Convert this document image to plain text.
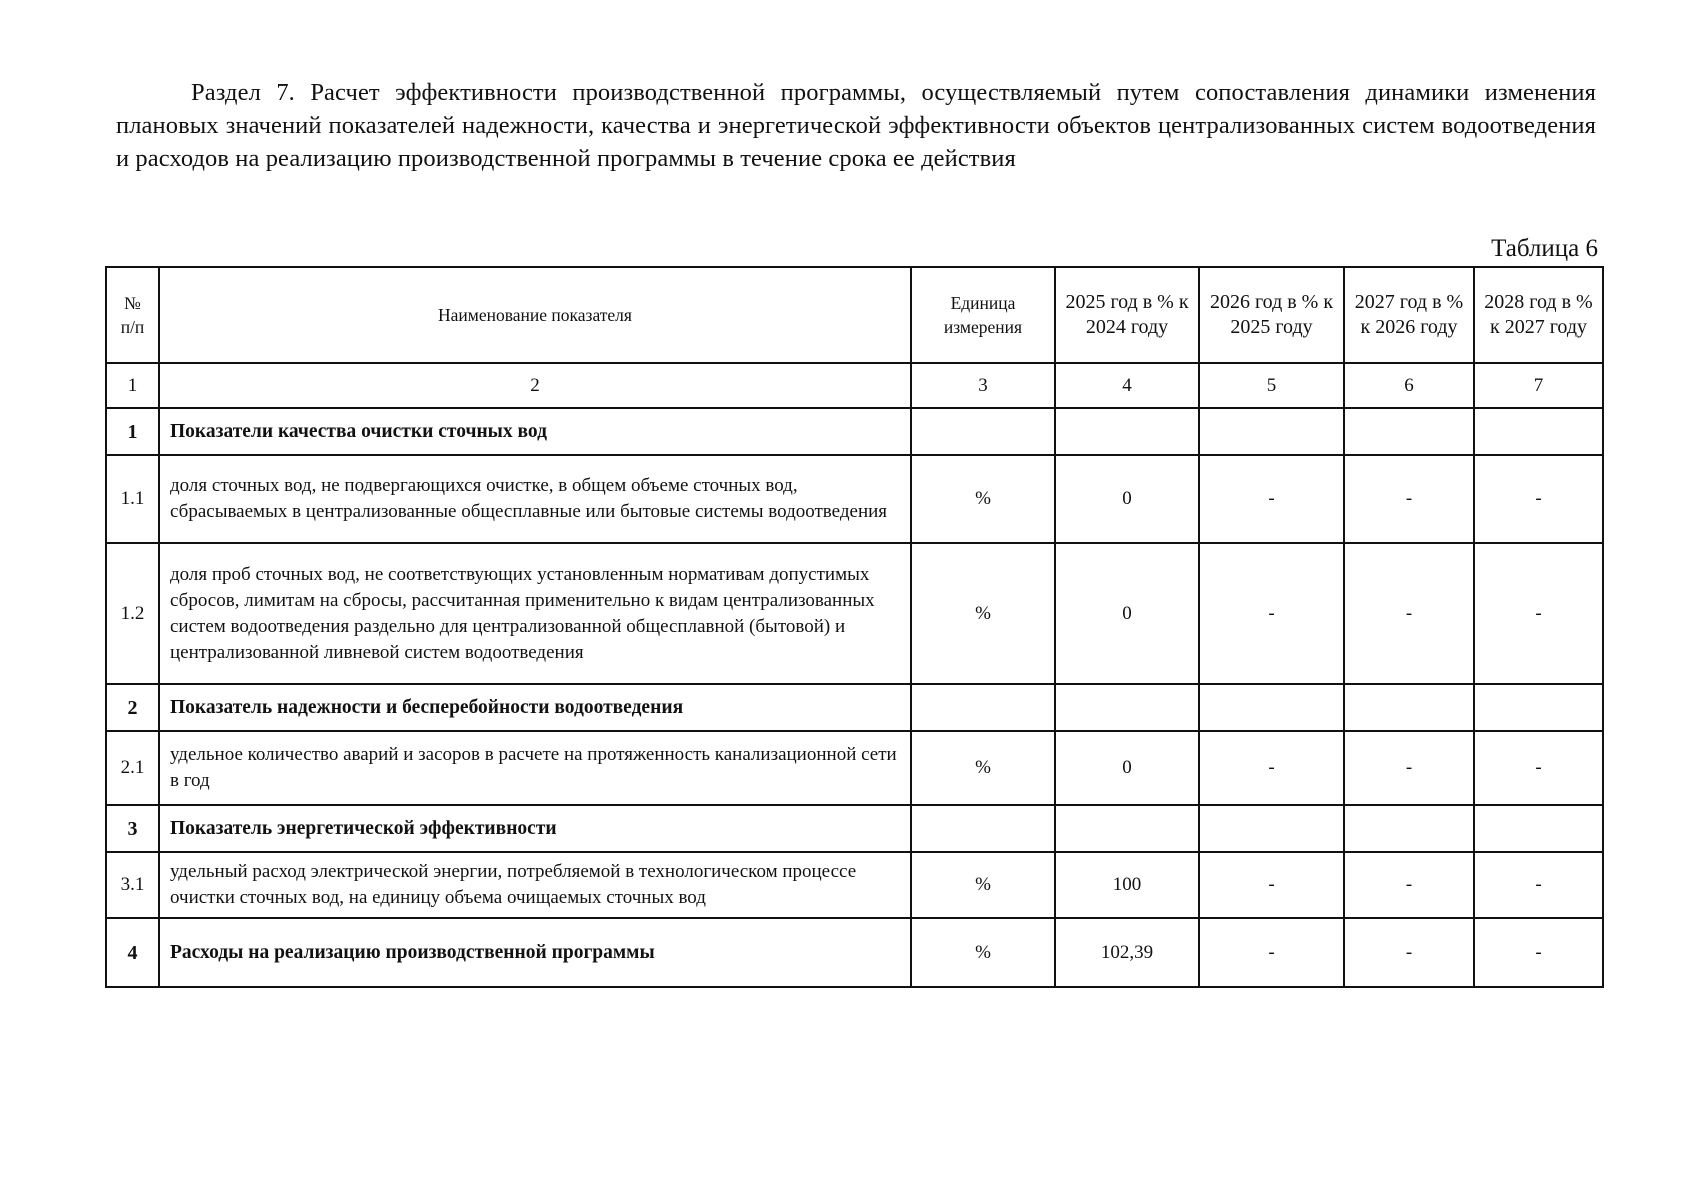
Раздел 7. Расчет эффективности производственной программы, осуществляемый путем сопоставления динамики изменения плановых значений показателей надежности, качества и энергетической эффективности объектов централизованных систем водоотведения и расходов на реализацию производственной программы в течение срока ее действия
Таблица 6
№ п/п	Наименование показателя	Единица измерения	2025 год в % к 2024 году	2026 год в % к 2025 году	2027 год в % к 2026 году	2028 год в % к 2027 году
1	2	3	4	5	6	7
1	Показатели качества очистки сточных вод					
1.1	доля сточных вод, не подвергающихся очистке, в общем объеме сточных вод, сбрасываемых в централизованные общесплавные или бытовые системы водоотведения	%	0	-	-	-
1.2	доля проб сточных вод, не соответствующих установленным нормативам допустимых сбросов, лимитам на сбросы, рассчитанная применительно к видам централизованных систем водоотведения раздельно для централизованной общесплавной (бытовой) и централизованной ливневой систем водоотведения	%	0	-	-	-
2	Показатель надежности и бесперебойности водоотведения					
2.1	удельное количество аварий и засоров в расчете на протяженность канализационной сети в год	%	0	-	-	-
3	Показатель энергетической эффективности					
3.1	удельный расход электрической энергии, потребляемой в технологическом процессе очистки сточных вод, на единицу объема очищаемых сточных вод	%	100	-	-	-
4	Расходы на реализацию производственной программы	%	102,39	-	-	-
